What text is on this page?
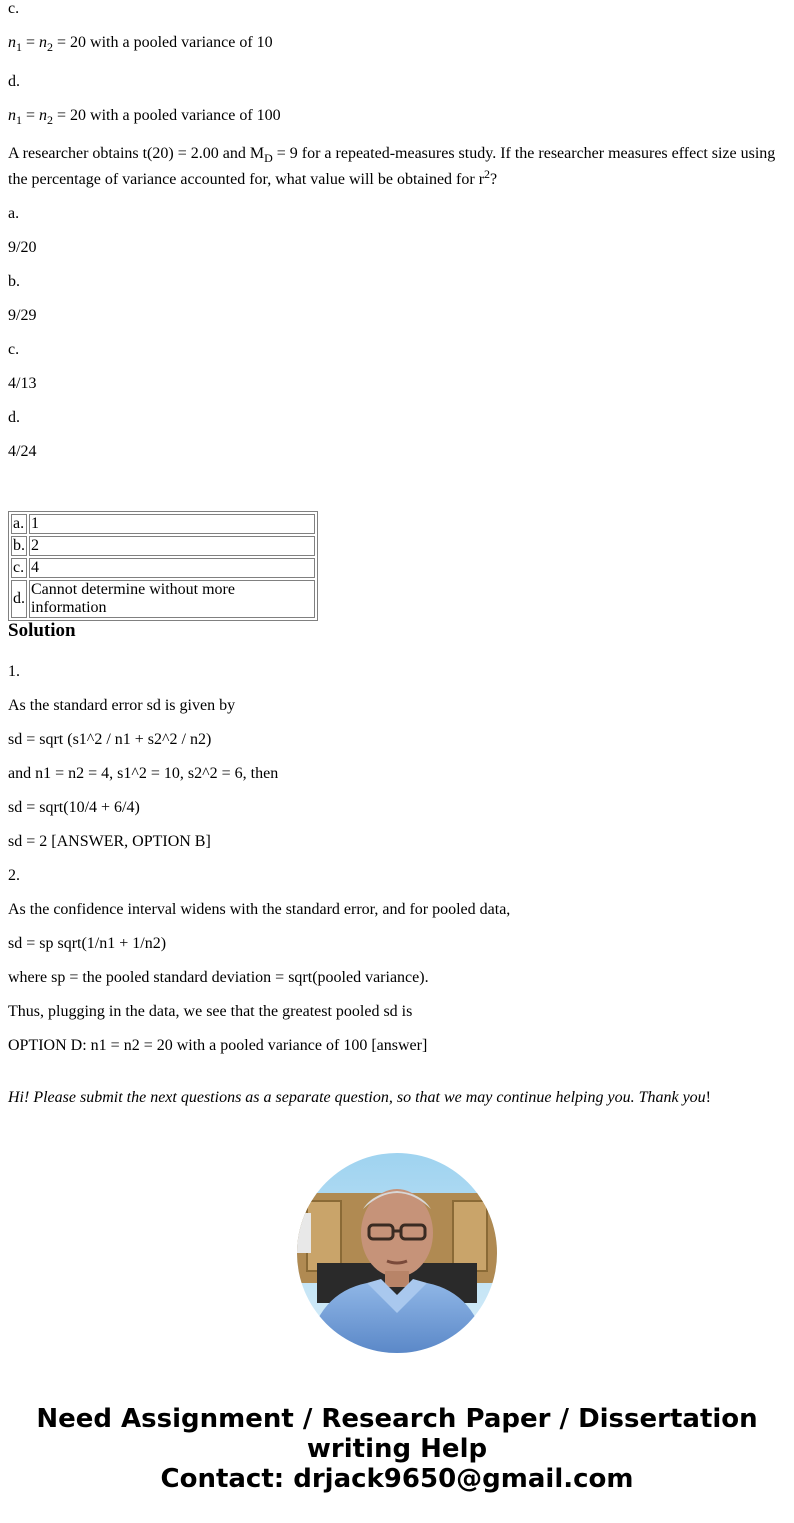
c.

$n_1 = n_2 = 20$ with a pooled variance of 10

d.

$n_1 = n_2 = 20$ with a pooled variance of 100

A researcher obtains t(20) = 2.00 and $M_D = 9$ for a repeated-measures study. If the researcher measures effect size using the percentage of variance accounted for, what value will be obtained for $r^2$?

a.

9/20

b.

9/29

c.

4/13

d.

4/24

a.	1
b.	2
c.	4
d.	Cannot determine without more information
Solution

1.

As the standard error sd is given by

sd = sqrt (s1^2 / n1 + s2^2 / n2)

and n1 = n2 = 4, s1^2 = 10, s2^2 = 6, then

sd = sqrt(10/4 + 6/4)

sd = 2 [ANSWER, OPTION B]

2.

As the confidence interval widens with the standard error, and for pooled data,

sd = sp sqrt(1/n1 + 1/n2)

where sp = the pooled standard deviation = sqrt(pooled variance).

Thus, plugging in the data, we see that the greatest pooled sd is

OPTION D: n1 = n2 = 20 with a pooled variance of 100 [answer]

Hi! Please submit the next questions as a separate question, so that we may continue helping you. Thank you!

Need Assignment / Research Paper / Dissertation
writing Help
Contact: drjack9650@gmail.com
